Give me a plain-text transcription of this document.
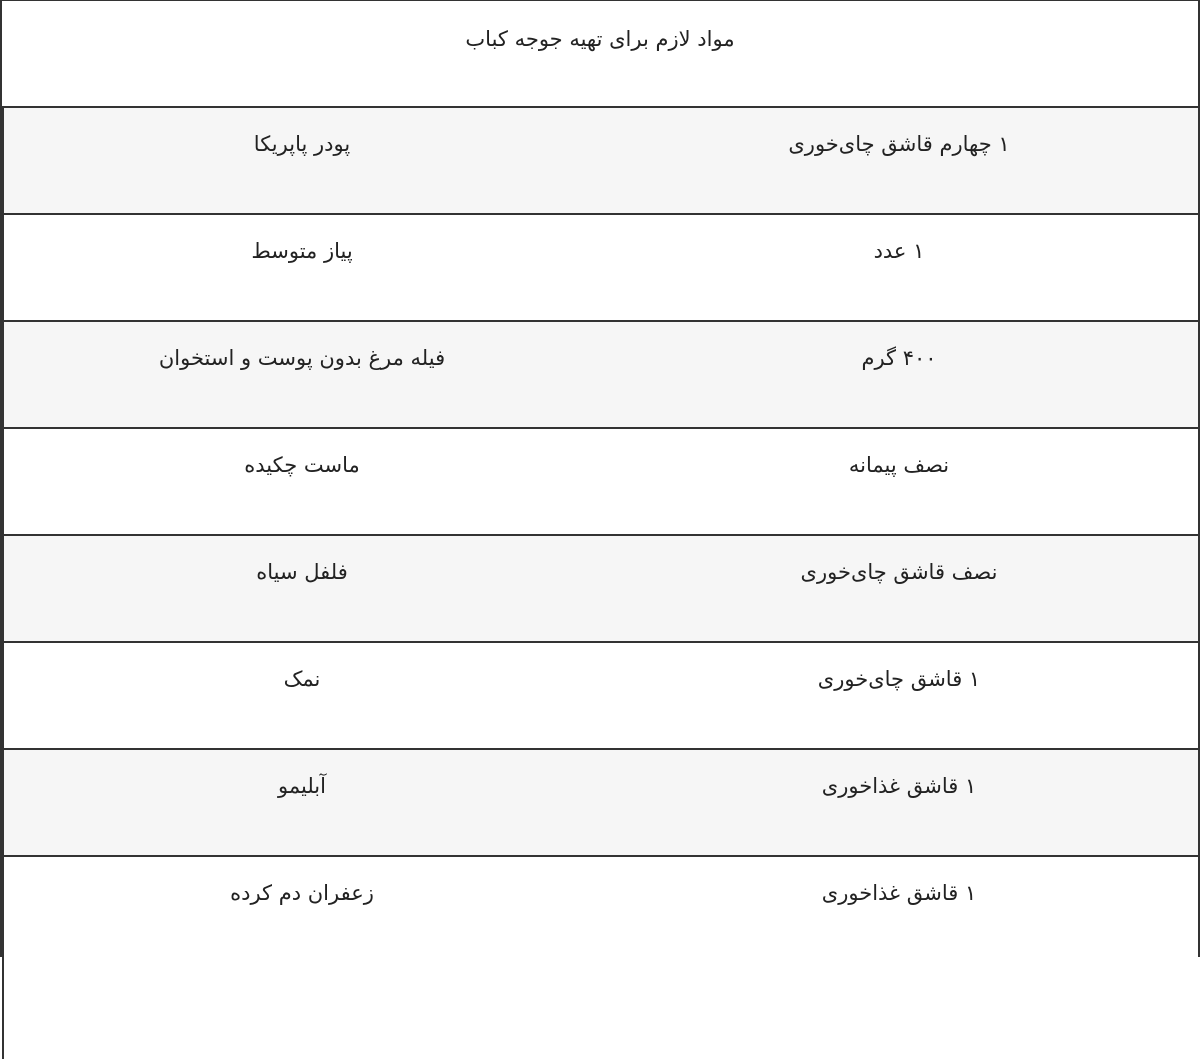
مواد لازم برای تهیه جوجه کباب
پودر پاپریکا	۱ چهارم قاشق چای‌خوری
پیاز متوسط	۱ عدد
فیله مرغ بدون پوست و استخوان	۴۰۰ گرم
ماست چکیده	نصف پیمانه
فلفل سیاه	نصف قاشق چای‌خوری
نمک	۱ قاشق چای‌خوری
آبلیمو	۱ قاشق غذاخوری
زعفران دم کرده	۱ قاشق غذاخوری
